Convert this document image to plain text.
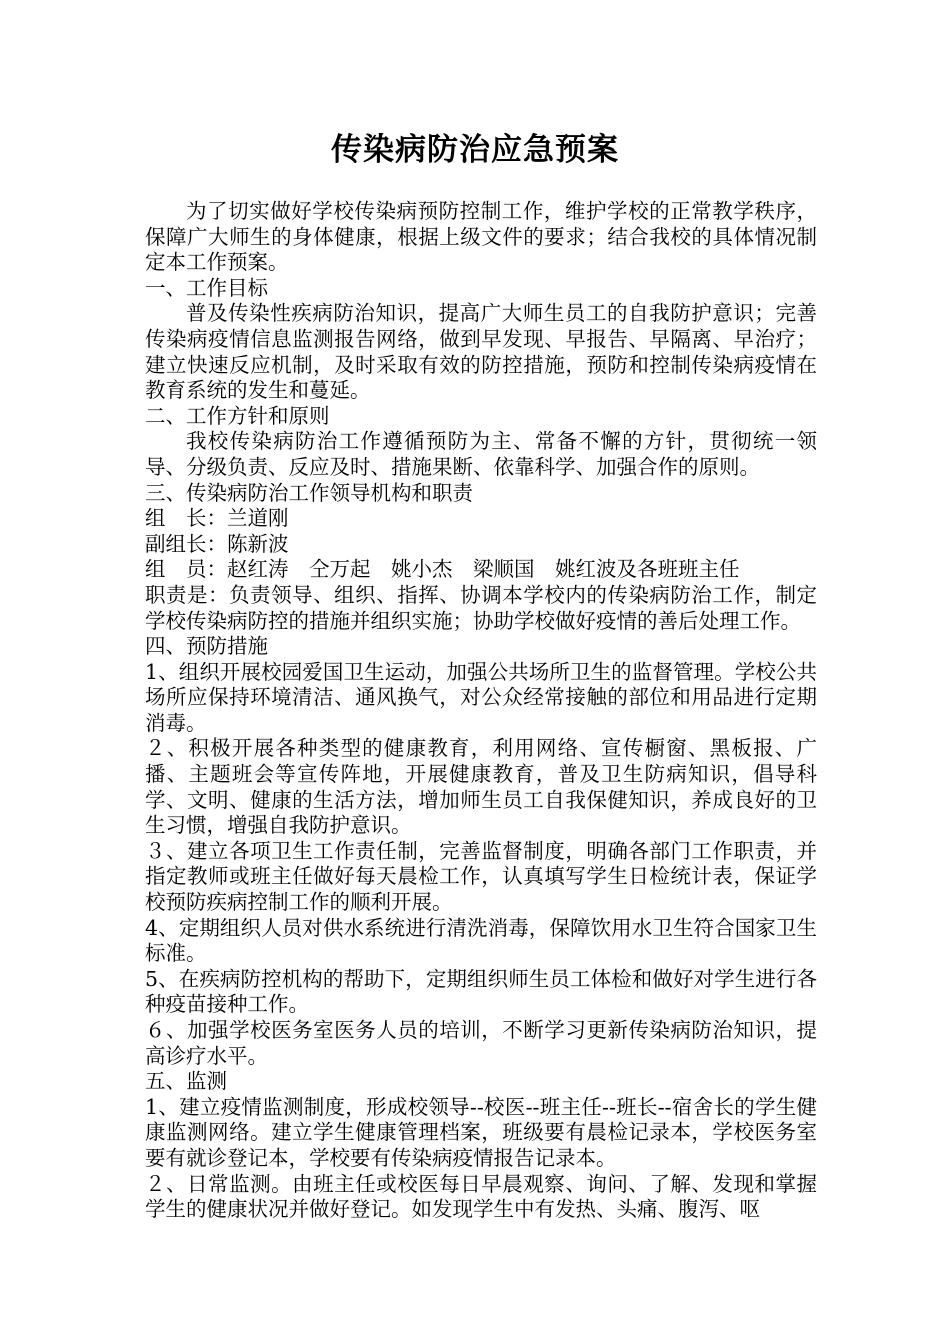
传染病防治应急预案

为了切实做好学校传染病预防控制工作，维护学校的正常教学秩序，保障广大师生的身体健康，根据上级文件的要求；结合我校的具体情况制定本工作预案。

一、工作目标

普及传染性疾病防治知识，提高广大师生员工的自我防护意识；完善传染病疫情信息监测报告网络，做到早发现、早报告、早隔离、早治疗；建立快速反应机制，及时采取有效的防控措施，预防和控制传染病疫情在教育系统的发生和蔓延。

二、工作方针和原则

我校传染病防治工作遵循预防为主、常备不懈的方针，贯彻统一领导、分级负责、反应及时、措施果断、依靠科学、加强合作的原则。

三、传染病防治工作领导机构和职责

组　长：兰道刚

副组长：陈新波

组　员：赵红涛　仝万起　姚小杰　梁顺国　姚红波及各班班主任

职责是：负责领导、组织、指挥、协调本学校内的传染病防治工作，制定学校传染病防控的措施并组织实施；协助学校做好疫情的善后处理工作。

四、预防措施

1、组织开展校园爱国卫生运动，加强公共场所卫生的监督管理。学校公共场所应保持环境清洁、通风换气，对公众经常接触的部位和用品进行定期消毒。

２、积极开展各种类型的健康教育，利用网络、宣传橱窗、黑板报、广播、主题班会等宣传阵地，开展健康教育，普及卫生防病知识，倡导科学、文明、健康的生活方法，增加师生员工自我保健知识，养成良好的卫生习惯，增强自我防护意识。

３、建立各项卫生工作责任制，完善监督制度，明确各部门工作职责，并指定教师或班主任做好每天晨检工作，认真填写学生日检统计表，保证学校预防疾病控制工作的顺利开展。

4、定期组织人员对供水系统进行清洗消毒，保障饮用水卫生符合国家卫生标准。

5、在疾病防控机构的帮助下，定期组织师生员工体检和做好对学生进行各种疫苗接种工作。

６、加强学校医务室医务人员的培训，不断学习更新传染病防治知识，提高诊疗水平。

五、监测

1、建立疫情监测制度，形成校领导--校医--班主任--班长--宿舍长的学生健康监测网络。建立学生健康管理档案，班级要有晨检记录本，学校医务室要有就诊登记本，学校要有传染病疫情报告记录本。

２、日常监测。由班主任或校医每日早晨观察、询问、了解、发现和掌握学生的健康状况并做好登记。如发现学生中有发热、头痛、腹泻、呕
